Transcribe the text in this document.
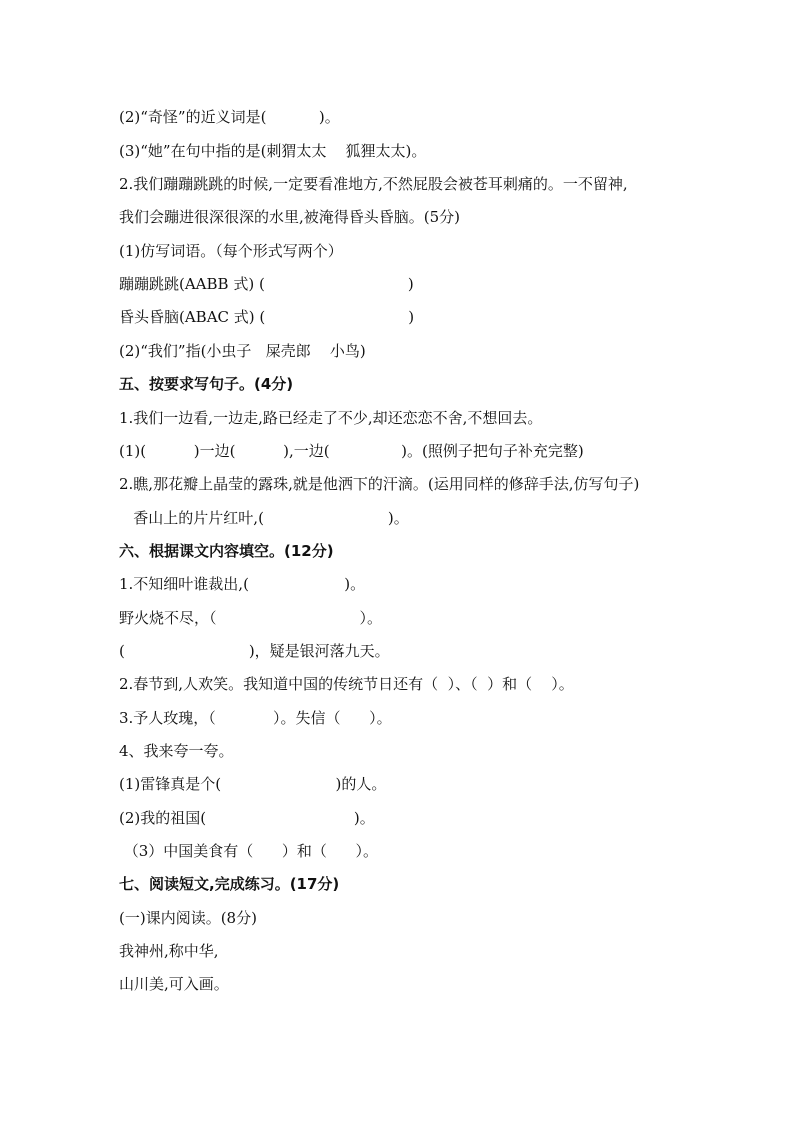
(2)“奇怪”的近义词是(           )。
(3)“她”在句中指的是(刺猬太太    狐狸太太)。
2.我们蹦蹦跳跳的时候,一定要看准地方,不然屁股会被苍耳刺痛的。一不留神,
我们会蹦进很深很深的水里,被淹得昏头昏脑。(5分)
(1)仿写词语。（每个形式写两个）
蹦蹦跳跳(AABB 式) (                              )
昏头昏脑(ABAC 式) (                              )
(2)“我们”指(小虫子   屎壳郎    小鸟)
五、按要求写句子。(4分)
1.我们一边看,一边走,路已经走了不少,却还恋恋不舍,不想回去。
(1)(          )一边(          ),一边(               )。(照例子把句子补充完整)
2.瞧,那花瓣上晶莹的露珠,就是他洒下的汗滴。(运用同样的修辞手法,仿写句子)
香山上的片片红叶,(                          )。
六、根据课文内容填空。(12分)
1.不知细叶谁裁出,(                    )。
野火烧不尽，（                              ）。
(                          )，疑是银河落九天。
2.春节到,人欢笑。我知道中国的传统节日还有（  ）、（  ）和（    ）。
3.予人玫瑰，（            ）。失信（      ）。
4、我来夸一夸。
(1)雷锋真是个(                        )的人。
(2)我的祖国(                               )。
（3）中国美食有（      ）和（      ）。
七、阅读短文,完成练习。(17分)
(一)课内阅读。(8分)
我神州,称中华,
山川美,可入画。
